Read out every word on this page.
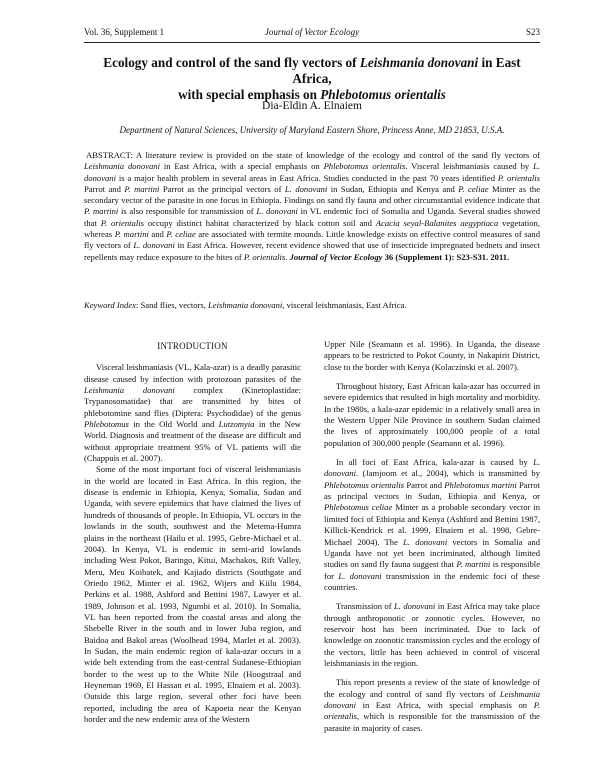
Vol. 36, Supplement 1	Journal of Vector Ecology	S23
Ecology and control of the sand fly vectors of Leishmania donovani in East Africa,
with special emphasis on Phlebotomus orientalis
Dia-Eldin A. Elnaiem
Department of Natural Sciences, University of Maryland Eastern Shore, Princess Anne, MD 21853, U.S.A.
ABSTRACT: A literature review is provided on the state of knowledge of the ecology and control of the sand fly vectors of Leishmania donovani in East Africa, with a special emphasis on Phlebotomus orientalis. Visceral leishmaniasis caused by L. donovani is a major health problem in several areas in East Africa. Studies conducted in the past 70 years identified P. orientalis Parrot and P. martini Parrot as the principal vectors of L. donovani in Sudan, Ethiopia and Kenya and P. celiae Minter as the secondary vector of the parasite in one focus in Ethiopia. Findings on sand fly fauna and other circumstantial evidence indicate that P. martini is also responsible for transmission of L. donovani in VL endemic foci of Somalia and Uganda. Several studies showed that P. orientalis occupy distinct habitat characterized by black cotton soil and Acacia seyal-Balanites aegyptiaca vegetation, whereas P. martini and P. celiae are associated with termite mounds. Little knowledge exists on effective control measures of sand fly vectors of L. donovani in East Africa. However, recent evidence showed that use of insecticide impregnated bednets and insect repellents may reduce exposure to the bites of P. orientalis. Journal of Vector Ecology 36 (Supplement 1): S23-S31. 2011.
Keyword Index: Sand flies, vectors, Leishmania donovani, visceral leishmaniasis, East Africa.
INTRODUCTION

Visceral leishmaniasis (VL, Kala-azar) is a deadly parasitic disease caused by infection with protozoan parasites of the Leishmania donovani complex (Kinetoplastidae: Trypanosomatidae) that are transmitted by bites of phlebotomine sand flies (Diptera: Psychodidae) of the genus Phlebotomus in the Old World and Lutzomyia in the New World. Diagnosis and treatment of the disease are difficult and without appropriate treatment 95% of VL patients will die (Chappuis et al. 2007).

Some of the most important foci of visceral leishmaniasis in the world are located in East Africa. In this region, the disease is endemic in Ethiopia, Kenya, Somalia, Sudan and Uganda, with severe epidemics that have claimed the lives of hundreds of thousands of people. In Ethiopia, VL occurs in the lowlands in the south, southwest and the Metema-Humra plains in the northeast (Hailu et al. 1995, Gebre-Michael et al. 2004). In Kenya, VL is endemic in semi-arid lowlands including West Pokot, Baringo, Kitui, Machakos, Rift Valley, Meru, Meu Koibatek, and Kajiado districts (Southgate and Oriedo 1962, Minter et al. 1962, Wijers and Kiilu 1984, Perkins et al. 1988, Ashford and Bettini 1987, Lawyer et al. 1989, Johnson et al. 1993, Ngumbi et al. 2010). In Somalia, VL has been reported from the coastal areas and along the Shebelle River in the south and in lower Juba region, and Baidoa and Bakol areas (Woolhead 1994, Marlet et al. 2003). In Sudan, the main endemic region of kala-azar occurs in a wide belt extending from the east-central Sudanese-Ethiopian border to the west up to the White Nile (Hoogstraal and Heyneman 1969, El Hassan et al. 1995, Elnaiem et al. 2003). Outside this large region, several other foci have been reported, including the area of Kapoeta near the Kenyan border and the new endemic area of the Western

Upper Nile (Seamann et al. 1996). In Uganda, the disease appears to be restricted to Pokot County, in Nakapirit District, close to the border with Kenya (Kolaczinski et al. 2007).

Throughout history, East African kala-azar has occurred in severe epidemics that resulted in high mortality and morbidity. In the 1980s, a kala-azar epidemic in a relatively small area in the Western Upper Nile Province in southern Sudan claimed the lives of approximately 100,000 people of a total population of 300,000 people (Seamann et al. 1996).

In all foci of East Africa, kala-azar is caused by L. donovani. (Jamjoom et al., 2004), which is transmitted by Phlebotomus orientalis Parrot and Phlebotomus martini Parrot as principal vectors in Sudan, Ethiopia and Kenya, or Phlebotomus celiae Minter as a probable secondary vector in limited foci of Ethiopia and Kenya (Ashford and Bettini 1987, Killick-Kendrick et al. 1999, Elnaiem et al. 1998, Gebre-Michael 2004). The L. donovani vectors in Somalia and Uganda have not yet been incriminated, although limited studies on sand fly fauna suggest that P. martini is responsible for L. donovani transmission in the endemic foci of these countries.

Transmission of L. donovani in East Africa may take place through anthroponotic or zoonotic cycles. However, no reservoir host has been incriminated. Due to lack of knowledge on zoonotic transmission cycles and the ecology of the vectors, little has been achieved in control of visceral leishmaniasis in the region.

This report presents a review of the state of knowledge of the ecology and control of sand fly vectors of Leishmania donovani in East Africa, with special emphasis on P. orientalis, which is responsible for the transmission of the parasite in majority of cases.
